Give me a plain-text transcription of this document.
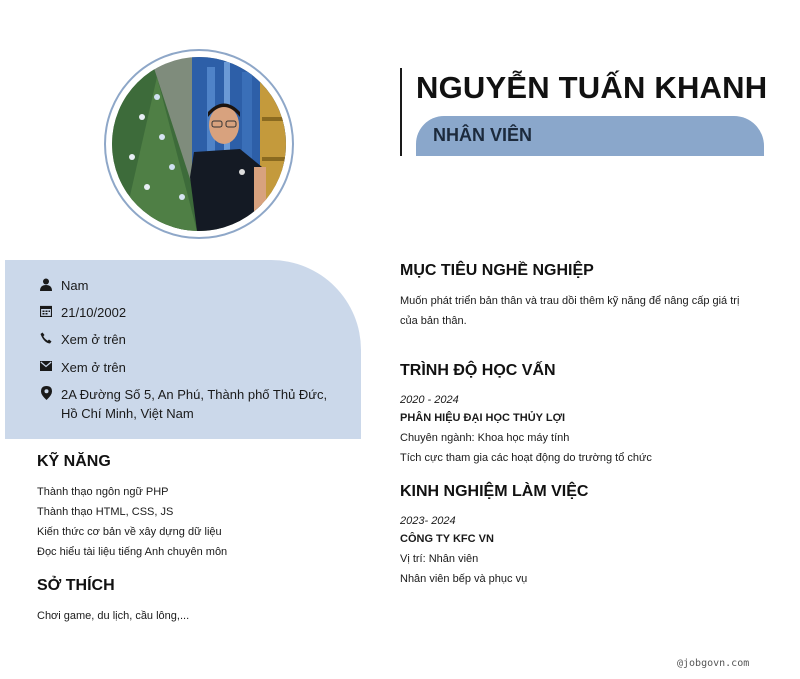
NGUYỄN TUẤN KHANH
NHÂN VIÊN
Nam
21/10/2002
Xem ở trên
Xem ở trên
2A Đường Số 5, An Phú, Thành phố Thủ Đức, Hồ Chí Minh, Việt Nam
KỸ NĂNG
Thành thạo ngôn ngữ PHP
Thành thạo HTML, CSS, JS
Kiến thức cơ bản về xây dựng dữ liệu
Đọc hiểu tài liệu tiếng Anh chuyên môn
SỞ THÍCH
Chơi game, du lịch, cầu lông,...
MỤC TIÊU NGHỀ NGHIỆP
Muốn phát triển bản thân và trau dồi thêm kỹ năng để nâng cấp giá trị
của bản thân.
TRÌNH ĐỘ HỌC VẤN
2020 - 2024
PHÂN HIỆU ĐẠI HỌC THỦY LỢI
Chuyên ngành: Khoa học máy tính
Tích cực tham gia các hoạt động do trường tổ chức
KINH NGHIỆM LÀM VIỆC
2023- 2024
CÔNG TY KFC VN
Vị trí: Nhân viên
Nhân viên bếp và phục vụ
@jobgovn.com
